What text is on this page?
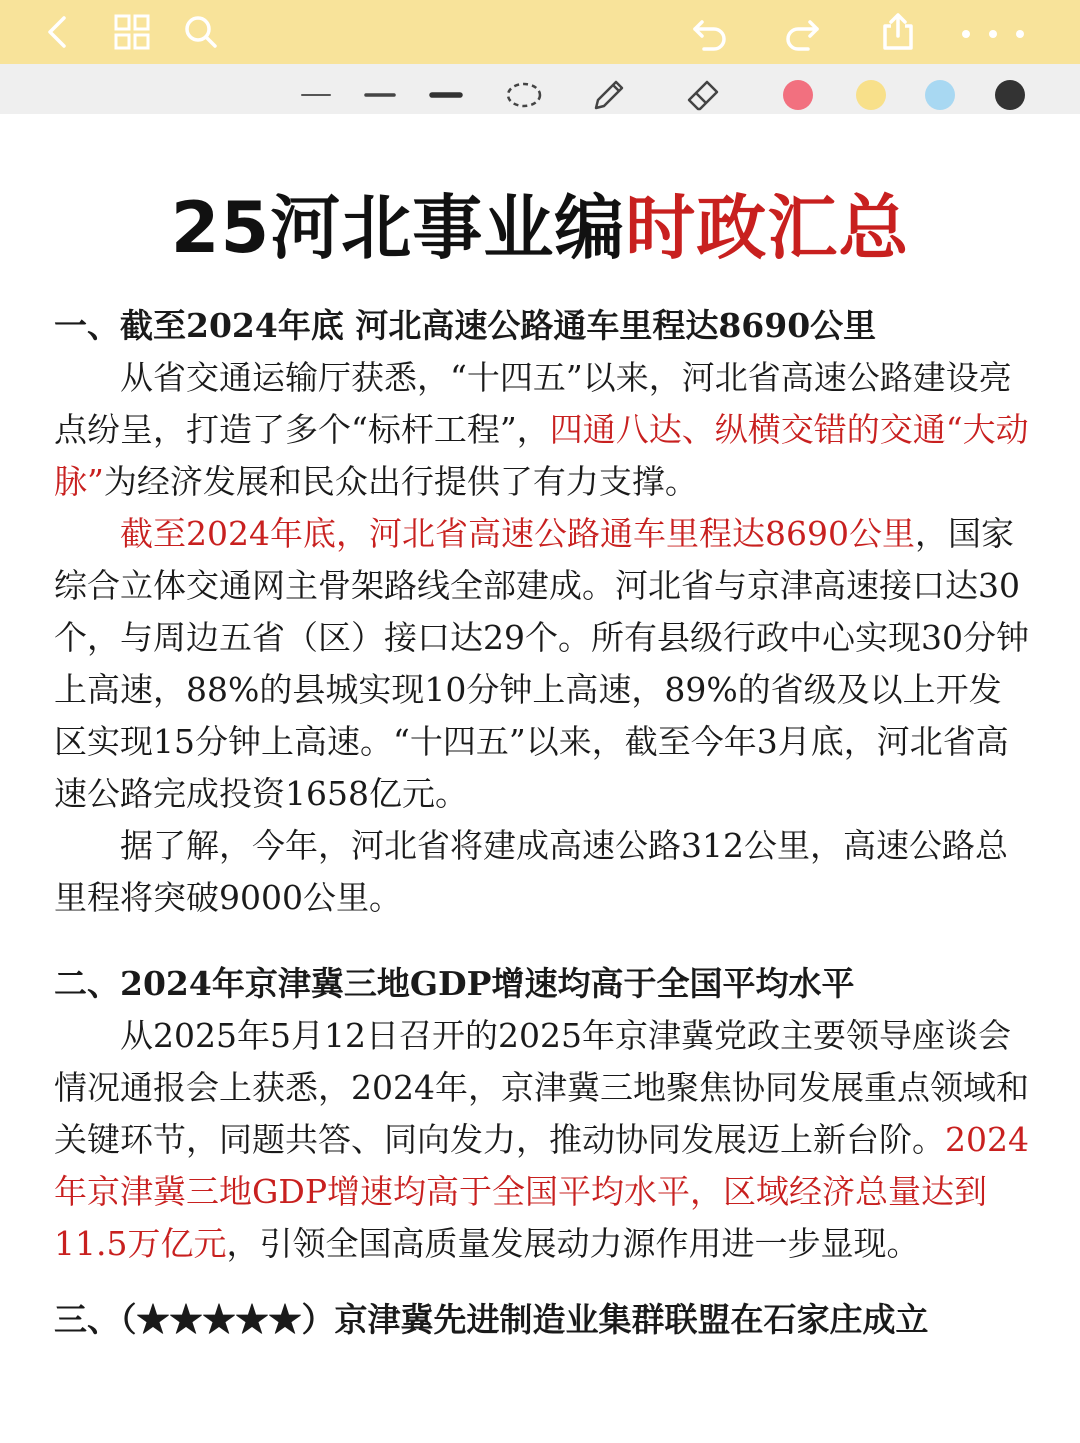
25河北事业编时政汇总

一、截至2024年底 河北高速公路通车里程达8690公里

从省交通运输厅获悉，“十四五”以来，河北省高速公路建设亮点纷呈，打造了多个“标杆工程”，四通八达、纵横交错的交通“大动脉”为经济发展和民众出行提供了有力支撑。

截至2024年底，河北省高速公路通车里程达8690公里，国家综合立体交通网主骨架路线全部建成。河北省与京津高速接口达30个，与周边五省（区）接口达29个。所有县级行政中心实现30分钟上高速，88%的县城实现10分钟上高速，89%的省级及以上开发区实现15分钟上高速。“十四五”以来，截至今年3月底，河北省高速公路完成投资1658亿元。

据了解，今年，河北省将建成高速公路312公里，高速公路总里程将突破9000公里。

二、2024年京津冀三地GDP增速均高于全国平均水平

从2025年5月12日召开的2025年京津冀党政主要领导座谈会情况通报会上获悉，2024年，京津冀三地聚焦协同发展重点领域和关键环节，同题共答、同向发力，推动协同发展迈上新台阶。2024年京津冀三地GDP增速均高于全国平均水平，区域经济总量达到11.5万亿元，引领全国高质量发展动力源作用进一步显现。

三、（★★★★★）京津冀先进制造业集群联盟在石家庄成立
